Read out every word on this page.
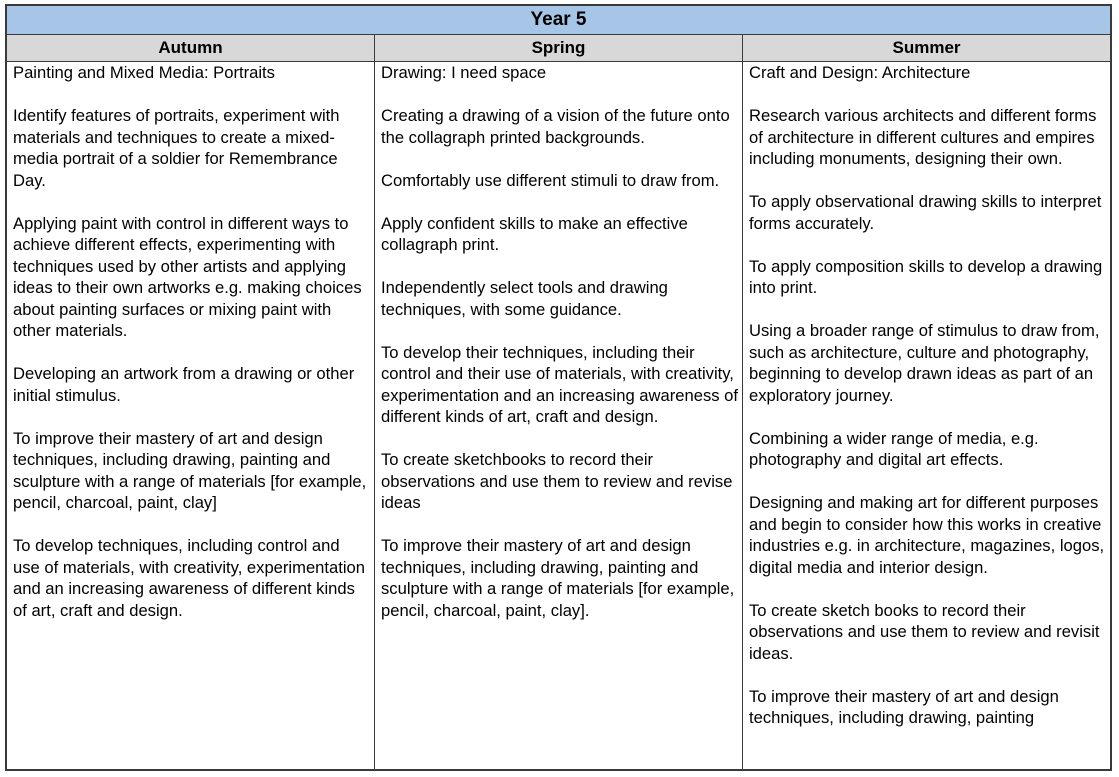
Year 5
Autumn	Spring	Summer

Painting and Mixed Media: Portraits

Identify features of portraits, experiment with materials and techniques to create a mixed-media portrait of a soldier for Remembrance Day.

Applying paint with control in different ways to achieve different effects, experimenting with techniques used by other artists and applying ideas to their own artworks e.g. making choices about painting surfaces or mixing paint with other materials.

Developing an artwork from a drawing or other initial stimulus.

To improve their mastery of art and design techniques, including drawing, painting and sculpture with a range of materials [for example, pencil, charcoal, paint, clay]

To develop techniques, including control and use of materials, with creativity, experimentation and an increasing awareness of different kinds of art, craft and design.

Drawing: I need space

Creating a drawing of a vision of the future onto the collagraph printed backgrounds.

Comfortably use different stimuli to draw from.

Apply confident skills to make an effective collagraph print.

Independently select tools and drawing techniques, with some guidance.

To develop their techniques, including their control and their use of materials, with creativity, experimentation and an increasing awareness of different kinds of art, craft and design.

To create sketchbooks to record their observations and use them to review and revise ideas

To improve their mastery of art and design techniques, including drawing, painting and sculpture with a range of materials [for example, pencil, charcoal, paint, clay].

Craft and Design: Architecture

Research various architects and different forms of architecture in different cultures and empires including monuments, designing their own.

To apply observational drawing skills to interpret forms accurately.

To apply composition skills to develop a drawing into print.

Using a broader range of stimulus to draw from, such as architecture, culture and photography, beginning to develop drawn ideas as part of an exploratory journey.

Combining a wider range of media, e.g. photography and digital art effects.

Designing and making art for different purposes and begin to consider how this works in creative industries e.g. in architecture, magazines, logos, digital media and interior design.

To create sketch books to record their observations and use them to review and revisit ideas.

To improve their mastery of art and design techniques, including drawing, painting
